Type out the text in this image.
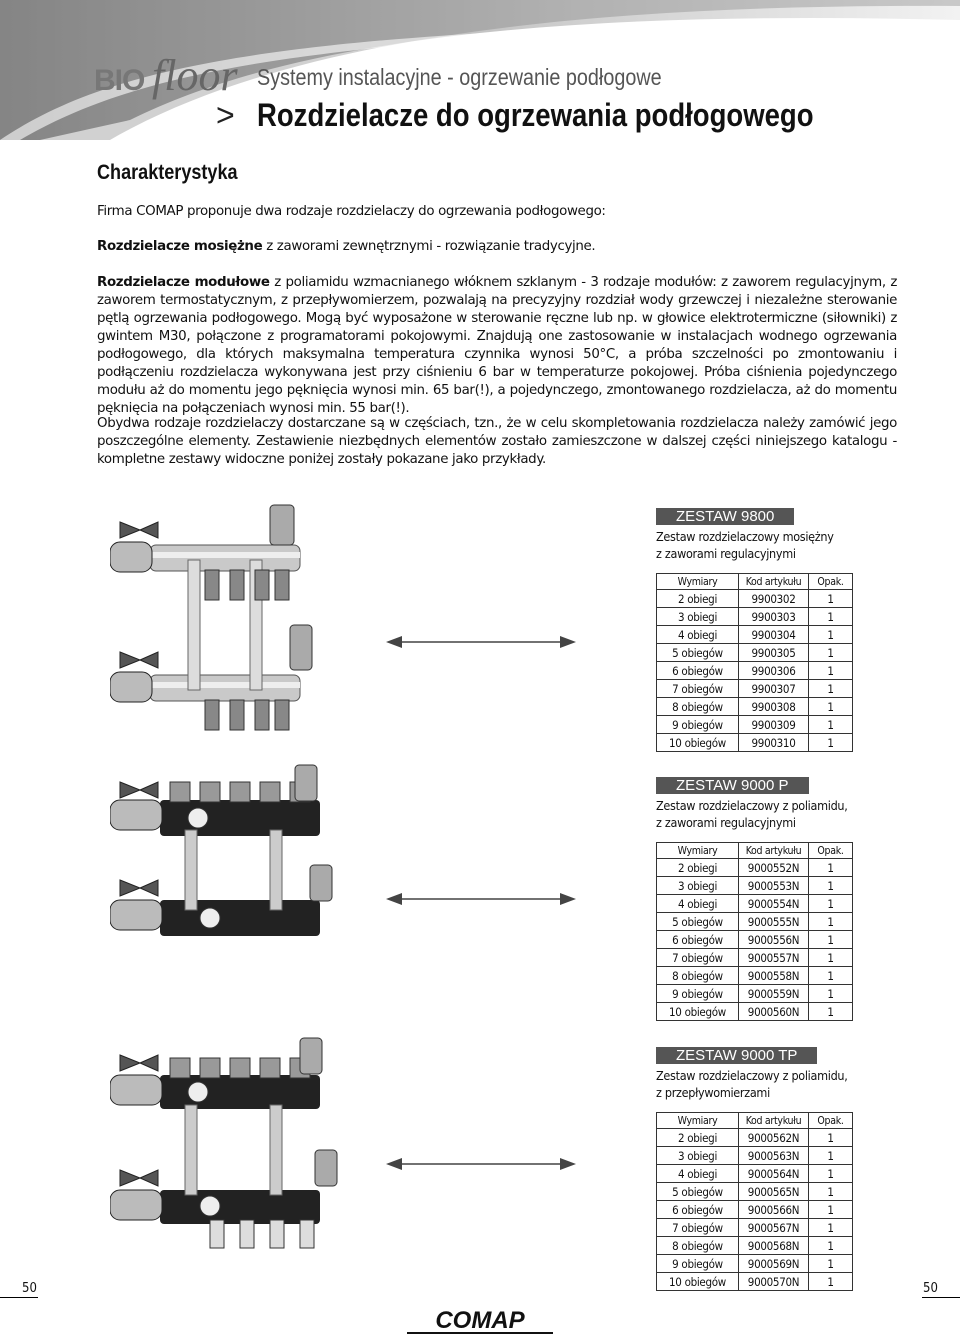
BIO floor Systemy instalacyjne - ogrzewanie podłogowe
> Rozdzielacze do ogrzewania podłogowego
Charakterystyka
Firma COMAP proponuje dwa rodzaje rozdzielaczy do ogrzewania podłogowego:
Rozdzielacze mosiężne z zaworami zewnętrznymi - rozwiązanie tradycyjne.
Rozdzielacze modułowe z poliamidu wzmacnianego włóknem szklanym - 3 rodzaje modułów: z zaworem regulacyjnym, z zaworem termostatycznym, z przepływomierzem, pozwalają na precyzyjny rozdział wody grzewczej i niezależne sterowanie pętlą ogrzewania podłogowego. Mogą być wyposażone w sterowanie ręczne lub np. w głowice elektrotermiczne (siłowniki) z gwintem M30, połączone z programatorami pokojowymi. Znajdują one zastosowanie w instalacjach wodnego ogrzewania podłogowego, dla których maksymalna temperatura czynnika wynosi 50°C, a próba szczelności po zmontowaniu i podłączeniu rozdzielacza wykonywana jest przy ciśnieniu 6 bar w temperaturze pokojowej. Próba ciśnienia pojedynczego modułu aż do momentu jego pęknięcia wynosi min. 65 bar(!), a pojedynczego, zmontowanego rozdzielacza, aż do momentu pęknięcia na połączeniach wynosi min. 55 bar(!).
Obydwa rodzaje rozdzielaczy dostarczane są w częściach, tzn., że w celu skompletowania rozdzielacza należy zamówić jego poszczególne elementy. Zestawienie niezbędnych elementów zostało zamieszczone w dalszej części niniejszego katalogu - kompletne zestawy widoczne poniżej zostały pokazane jako przykłady.
ZESTAW 9800
Zestaw rozdzielaczowy mosiężny
z zaworami regulacyjnymi
Wymiary	Kod artykułu	Opak.
2 obiegi	9900302	1
3 obiegi	9900303	1
4 obiegi	9900304	1
5 obiegów	9900305	1
6 obiegów	9900306	1
7 obiegów	9900307	1
8 obiegów	9900308	1
9 obiegów	9900309	1
10 obiegów	9900310	1
ZESTAW 9000 P
Zestaw rozdzielaczowy z poliamidu,
z zaworami regulacyjnymi
Wymiary	Kod artykułu	Opak.
2 obiegi	9000552N	1
3 obiegi	9000553N	1
4 obiegi	9000554N	1
5 obiegów	9000555N	1
6 obiegów	9000556N	1
7 obiegów	9000557N	1
8 obiegów	9000558N	1
9 obiegów	9000559N	1
10 obiegów	9000560N	1
ZESTAW 9000 TP
Zestaw rozdzielaczowy z poliamidu,
z przepływomierzami
Wymiary	Kod artykułu	Opak.
2 obiegi	9000562N	1
3 obiegi	9000563N	1
4 obiegi	9000564N	1
5 obiegów	9000565N	1
6 obiegów	9000566N	1
7 obiegów	9000567N	1
8 obiegów	9000568N	1
9 obiegów	9000569N	1
10 obiegów	9000570N	1
50	50
COMAP
